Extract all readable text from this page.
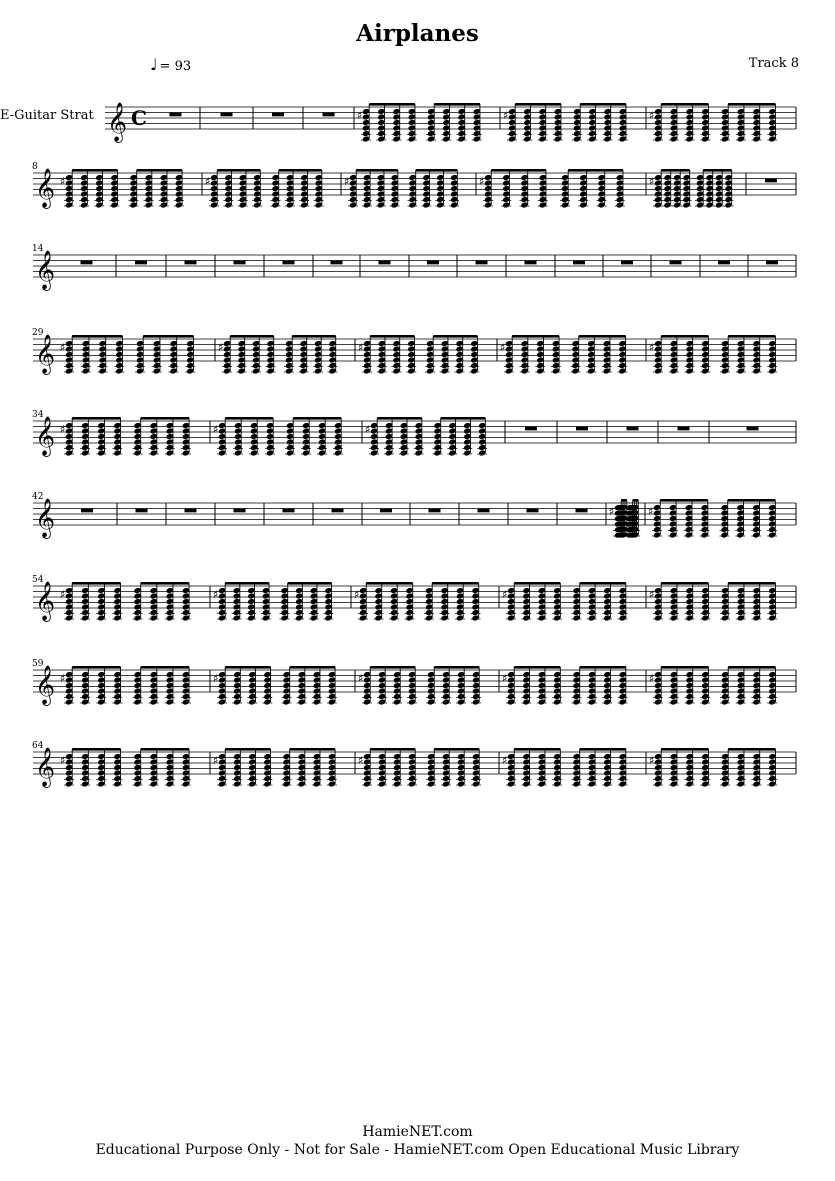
Airplanes
Track 8
E-Guitar Strat
♩ = 93
𝄞 C	♯	♯	♯
𝄞
8
♯	♯	♯	♯	♯
𝄞
14
𝄞
29
♯	♯	♯	♯	♯
𝄞
34
♯	♯	♯
𝄞
42
♯	♯
𝄞
54
♯	♯	♯	♯	♯
𝄞
59
♯	♯	♯	♯	♯
𝄞
64
♯	♯	♯	♯	♯
HamieNET.com
Educational Purpose Only - Not for Sale - HamieNET.com Open Educational Music Library
